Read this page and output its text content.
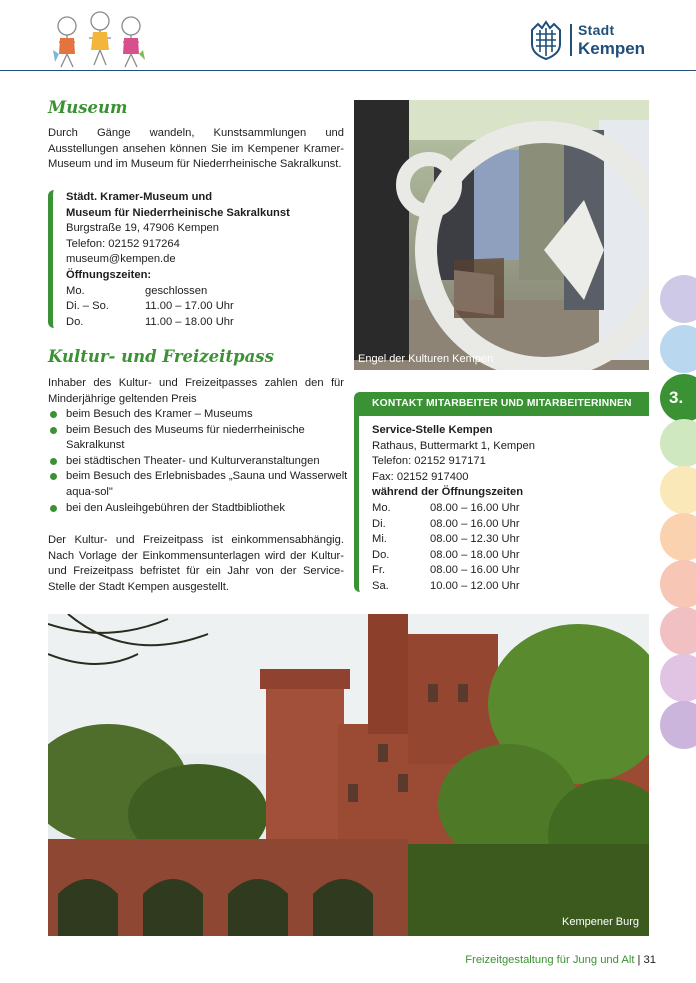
Stadt
Kempen
Museum
Durch Gänge wandeln, Kunstsammlungen und Ausstellungen ansehen können Sie im Kempener Kramer-Museum und im Museum für Niederrheinische Sakralkunst.
Städt. Kramer-Museum und
Museum für Niederrheinische Sakralkunst
Burgstraße 19, 47906 Kempen
Telefon: 02152 917264
museum@kempen.de
Öffnungszeiten:
Mo.	geschlossen
Di. – So.	11.00 – 17.00 Uhr
Do.	11.00 – 18.00 Uhr
Kultur- und Freizeitpass
Inhaber des Kultur- und Freizeitpasses zahlen den für Minderjährige geltenden Preis
beim Besuch des Kramer – Museums
beim Besuch des Museums für niederrheinische Sakralkunst
bei städtischen Theater- und Kulturveranstaltungen
beim Besuch des Erlebnisbades „Sauna und Wasserwelt aqua-sol"
bei den Ausleihgebühren der Stadtbibliothek
Der Kultur- und Freizeitpass ist einkommensabhängig. Nach Vorlage der Einkommensunterlagen wird der Kultur- und Freizeitpass befristet für ein Jahr von der Service-Stelle der Stadt Kempen ausgestellt.
Engel der Kulturen Kempen
KONTAKT MITARBEITER UND MITARBEITERINNEN
Service-Stelle Kempen
Rathaus, Buttermarkt 1, Kempen
Telefon: 02152 917171
Fax: 02152 917400
während der Öffnungszeiten
Mo.	08.00 – 16.00 Uhr
Di.	08.00 – 16.00 Uhr
Mi.	08.00 – 12.30 Uhr
Do.	08.00 – 18.00 Uhr
Fr.	08.00 – 16.00 Uhr
Sa.	10.00 – 12.00 Uhr
Kempener Burg
3.
Freizeitgestaltung für Jung und Alt | 31
